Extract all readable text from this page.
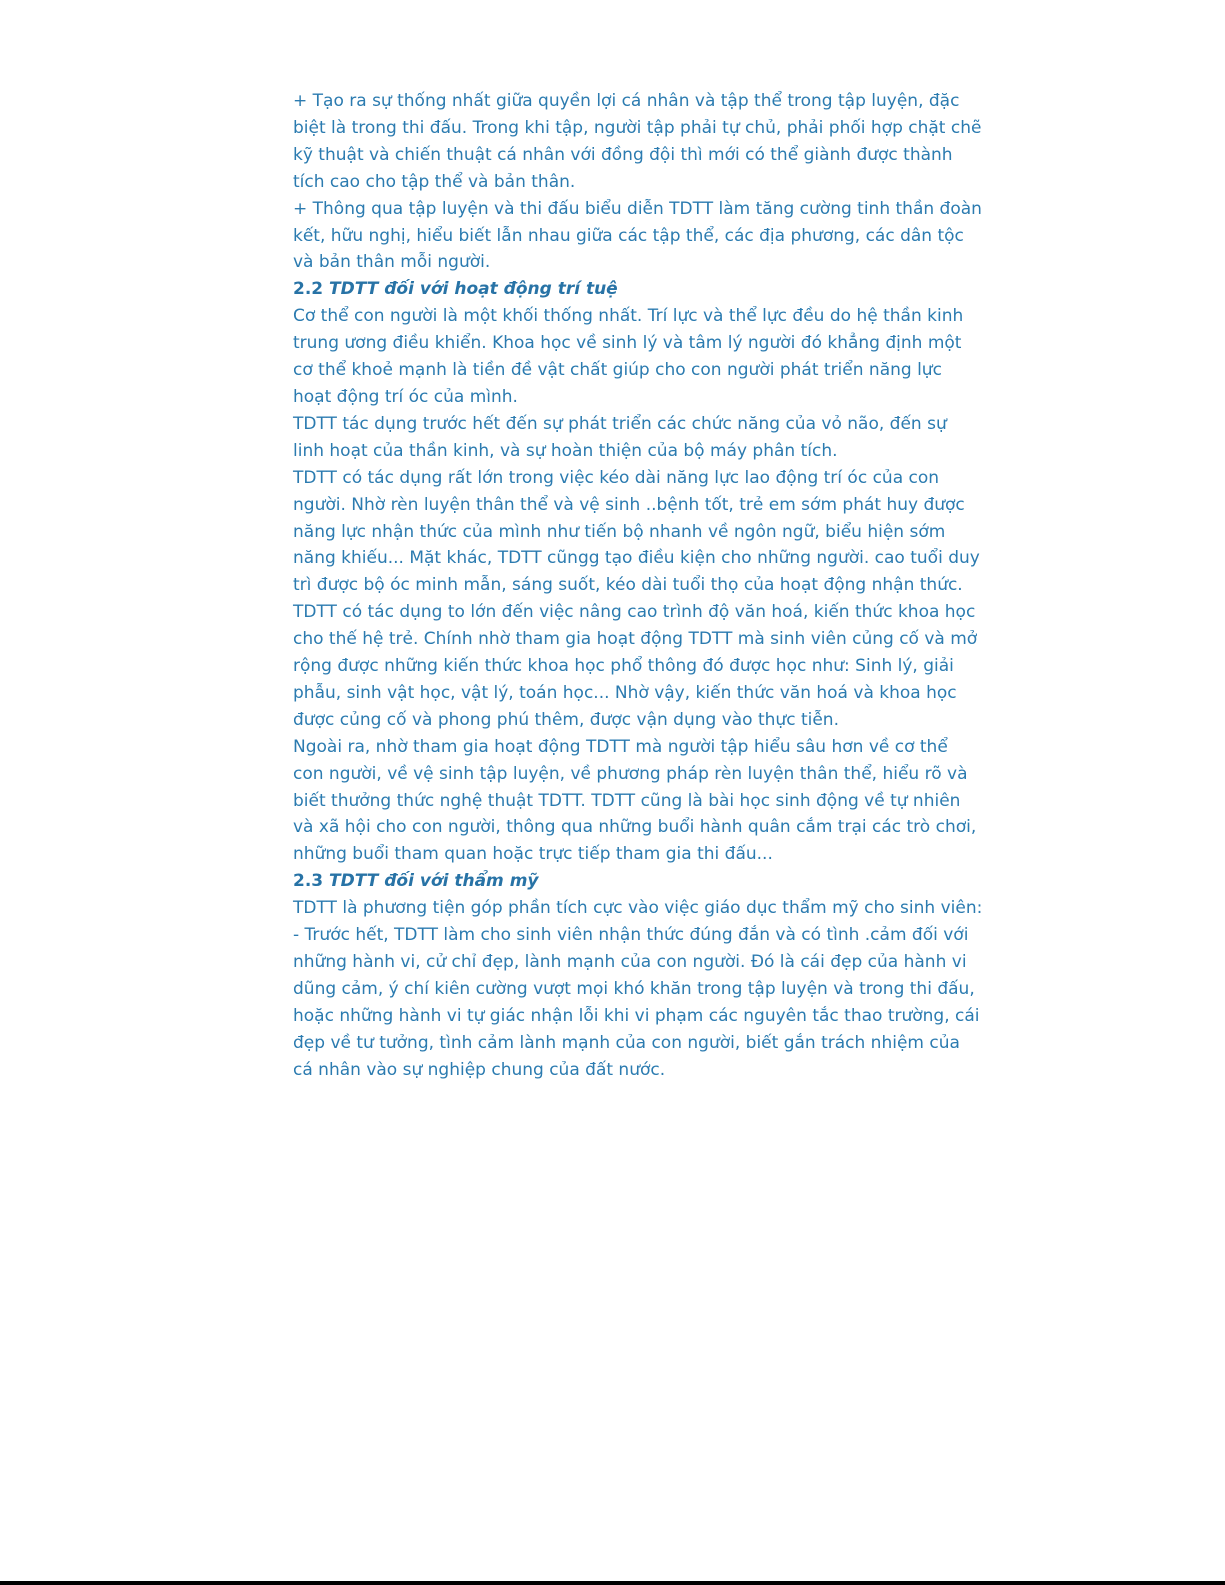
+ Tạo ra sự thống nhất giữa quyền lợi cá nhân và tập thể trong tập luyện, đặc biệt là trong thi đấu. Trong khi tập, người tập phải tự chủ, phải phối hợp chặt chẽ kỹ thuật và chiến thuật cá nhân với đồng đội thì mới có thể giành được thành tích cao cho tập thể và bản thân.

+ Thông qua tập luyện và thi đấu biểu diễn TDTT làm tăng cường tinh thần đoàn kết, hữu nghị, hiểu biết lẫn nhau giữa các tập thể, các địa phương, các dân tộc và bản thân mỗi người.

2.2 TDTT đối với hoạt động trí tuệ

Cơ thể con người là một khối thống nhất. Trí lực và thể lực đều do hệ thần kinh trung ương điều khiển. Khoa học về sinh lý và tâm lý người đó khẳng định một cơ thể khoẻ mạnh là tiền đề vật chất giúp cho con người phát triển năng lực hoạt động trí óc của mình.

TDTT tác dụng trước hết đến sự phát triển các chức năng của vỏ não, đến sự linh hoạt của thần kinh, và sự hoàn thiện của bộ máy phân tích.

TDTT có tác dụng rất lớn trong việc kéo dài năng lực lao động trí óc của con người. Nhờ rèn luyện thân thể và vệ sinh ..bệnh tốt, trẻ em sớm phát huy được năng lực nhận thức của mình như tiến bộ nhanh về ngôn ngữ, biểu hiện sớm năng khiếu... Mặt khác, TDTT cũngg tạo điều kiện cho những người. cao tuổi duy trì được bộ óc minh mẫn, sáng suốt, kéo dài tuổi thọ của hoạt động nhận thức.

TDTT có tác dụng to lớn đến việc nâng cao trình độ văn hoá, kiến thức khoa học cho thế hệ trẻ. Chính nhờ tham gia hoạt động TDTT mà sinh viên củng cố và mở rộng được những kiến thức khoa học phổ thông đó được học như: Sinh lý, giải phẫu, sinh vật học, vật lý, toán học... Nhờ vậy, kiến thức văn hoá và khoa học được củng cố và phong phú thêm, được vận dụng vào thực tiễn.

Ngoài ra, nhờ tham gia hoạt động TDTT mà người tập hiểu sâu hơn về cơ thể con người, về vệ sinh tập luyện, về phương pháp rèn luyện thân thể, hiểu rõ và biết thưởng thức nghệ thuật TDTT. TDTT cũng là bài học sinh động về tự nhiên và xã hội cho con người, thông qua những buổi hành quân cắm trại các trò chơi, những buổi tham quan hoặc trực tiếp tham gia thi đấu...

2.3 TDTT đối với thẩm mỹ

TDTT là phương tiện góp phần tích cực vào việc giáo dục thẩm mỹ cho sinh viên:

- Trước hết, TDTT làm cho sinh viên nhận thức đúng đắn và có tình .cảm đối với những hành vi, cử chỉ đẹp, lành mạnh của con người. Đó là cái đẹp của hành vi dũng cảm, ý chí kiên cường vượt mọi khó khăn trong tập luyện và trong thi đấu, hoặc những hành vi tự giác nhận lỗi khi vi phạm các nguyên tắc thao trường, cái đẹp về tư tưởng, tình cảm lành mạnh của con người, biết gắn trách nhiệm của cá nhân vào sự nghiệp chung của đất nước.
